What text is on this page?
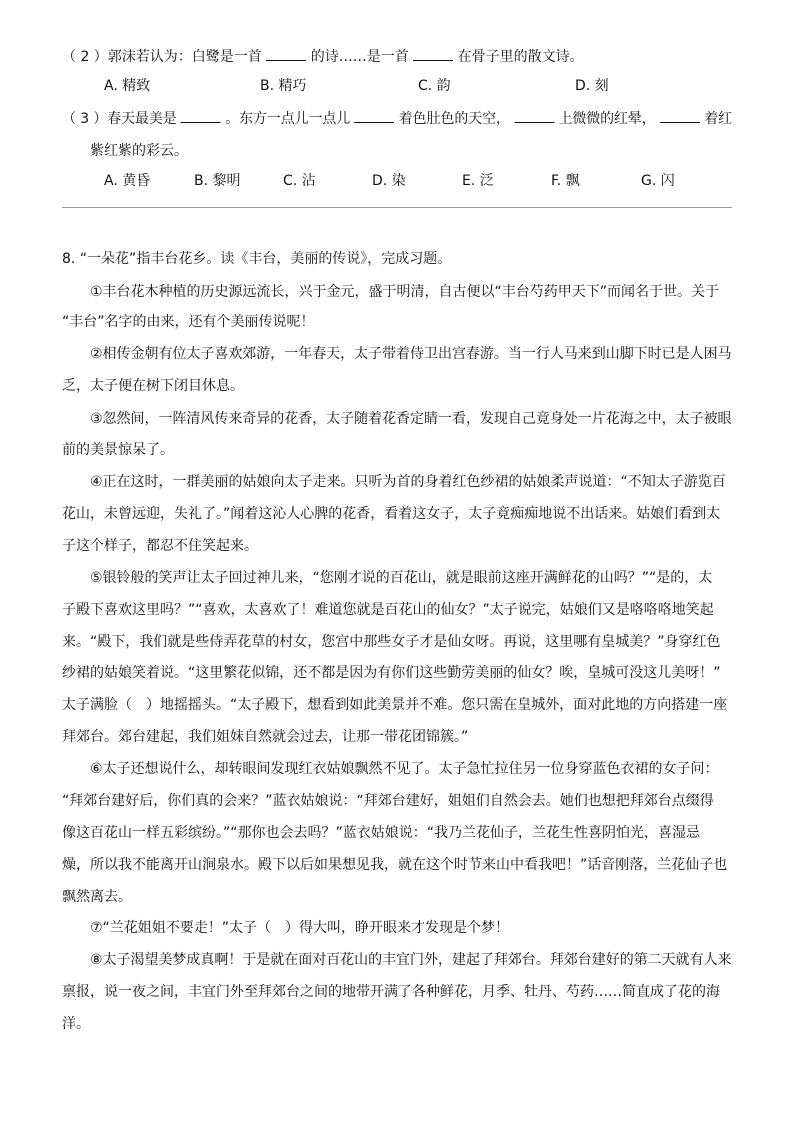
（ 2 ）郭沫若认为：白鹭是一首	的诗……是一首	在骨子里的散文诗。
A. 精致	B. 精巧	C. 韵	D. 刻
（ 3 ）春天最美是	。东方一点儿一点儿	着色肚色的天空，	上微微的红晕，	着红
紫红紫的彩云。
A. 黄昏	B. 黎明	C. 沾	D. 染	E. 泛	F. 飘	G. 闪
8. “一朵花”指丰台花乡。读《丰台，美丽的传说》，完成习题。
①丰台花木种植的历史源远流长，兴于金元，盛于明清，自古便以“丰台芍药甲天下”而闻名于世。关于
“丰台”名字的由来，还有个美丽传说呢！
②相传金朝有位太子喜欢郊游，一年春天，太子带着侍卫出宫春游。当一行人马来到山脚下时已是人困马
乏，太子便在树下闭目休息。
③忽然间，一阵清风传来奇异的花香，太子随着花香定睛一看，发现自己竟身处一片花海之中，太子被眼
前的美景惊呆了。
④正在这时，一群美丽的姑娘向太子走来。只听为首的身着红色纱裙的姑娘柔声说道：“不知太子游览百
花山，未曾远迎，失礼了。”闻着这沁人心脾的花香，看着这女子，太子竟痴痴地说不出话来。姑娘们看到太
子这个样子，都忍不住笑起来。
⑤银铃般的笑声让太子回过神儿来，“您刚才说的百花山，就是眼前这座开满鲜花的山吗？”“是的，太
子殿下喜欢这里吗？”“喜欢，太喜欢了！难道您就是百花山的仙女？”太子说完，姑娘们又是咯咯咯地笑起
来。“殿下，我们就是些侍弄花草的村女，您宫中那些女子才是仙女呀。再说，这里哪有皇城美？”身穿红色
纱裙的姑娘笑着说。“这里繁花似锦，还不都是因为有你们这些勤劳美丽的仙女？唉，皇城可没这儿美呀！”
太子满脸（　）地摇摇头。“太子殿下，想看到如此美景并不难。您只需在皇城外，面对此地的方向搭建一座
拜郊台。郊台建起，我们姐妹自然就会过去，让那一带花团锦簇。”
⑥太子还想说什么，却转眼间发现红衣姑娘飘然不见了。太子急忙拉住另一位身穿蓝色衣裙的女子问：
“拜郊台建好后，你们真的会来？”蓝衣姑娘说：“拜郊台建好，姐姐们自然会去。她们也想把拜郊台点缀得
像这百花山一样五彩缤纷。”“那你也会去吗？”蓝衣姑娘说：“我乃兰花仙子，兰花生性喜阴怕光，喜湿忌
燥，所以我不能离开山涧泉水。殿下以后如果想见我，就在这个时节来山中看我吧！”话音刚落，兰花仙子也
飘然离去。
⑦“兰花姐姐不要走！”太子（　）得大叫，睁开眼来才发现是个梦！
⑧太子渴望美梦成真啊！于是就在面对百花山的丰宜门外，建起了拜郊台。拜郊台建好的第二天就有人来
禀报，说一夜之间，丰宜门外至拜郊台之间的地带开满了各种鲜花，月季、牡丹、芍药……简直成了花的海
洋。
